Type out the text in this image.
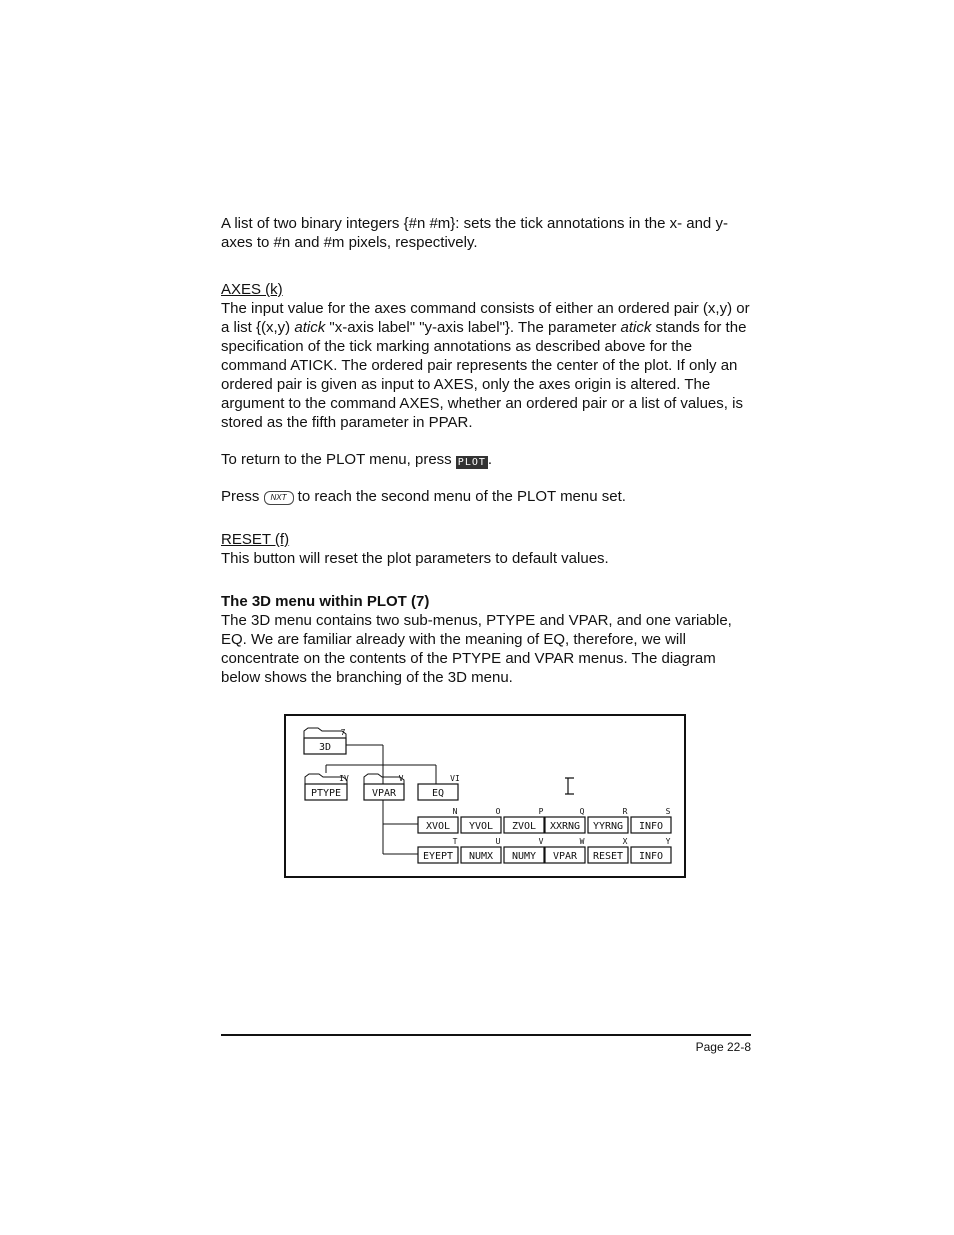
A list of two binary integers {#n #m}: sets the tick annotations in the x- and y-axes to #n and #m pixels, respectively.

AXES (k)

The input value for the axes command consists of either an ordered pair (x,y) or a list {(x,y) atick "x-axis label" "y-axis label"}. The parameter atick stands for the specification of the tick marking annotations as described above for the command ATICK. The ordered pair represents the center of the plot. If only an ordered pair is given as input to AXES, only the axes origin is altered. The argument to the command AXES, whether an ordered pair or a list of values, is stored as the fifth parameter in PPAR.

To return to the PLOT menu, press PLOT .

Press NXT to reach the second menu of the PLOT menu set.

RESET (f)

This button will reset the plot parameters to default values.

The 3D menu within PLOT (7)

The 3D menu contains two sub-menus, PTYPE and VPAR, and one variable, EQ. We are familiar already with the meaning of EQ, therefore, we will concentrate on the contents of the PTYPE and VPAR menus. The diagram below shows the branching of the 3D menu.

3D
7
PTYPE
IV
VPAR
V
EQ
VI
XVOL
N
YVOL
O
ZVOL
P
XXRNG
Q
YYRNG
R
INFO
S
EYEPT
T
NUMX
U
NUMY
V
VPAR
W
RESET
X
INFO
Y
Page 22-8
